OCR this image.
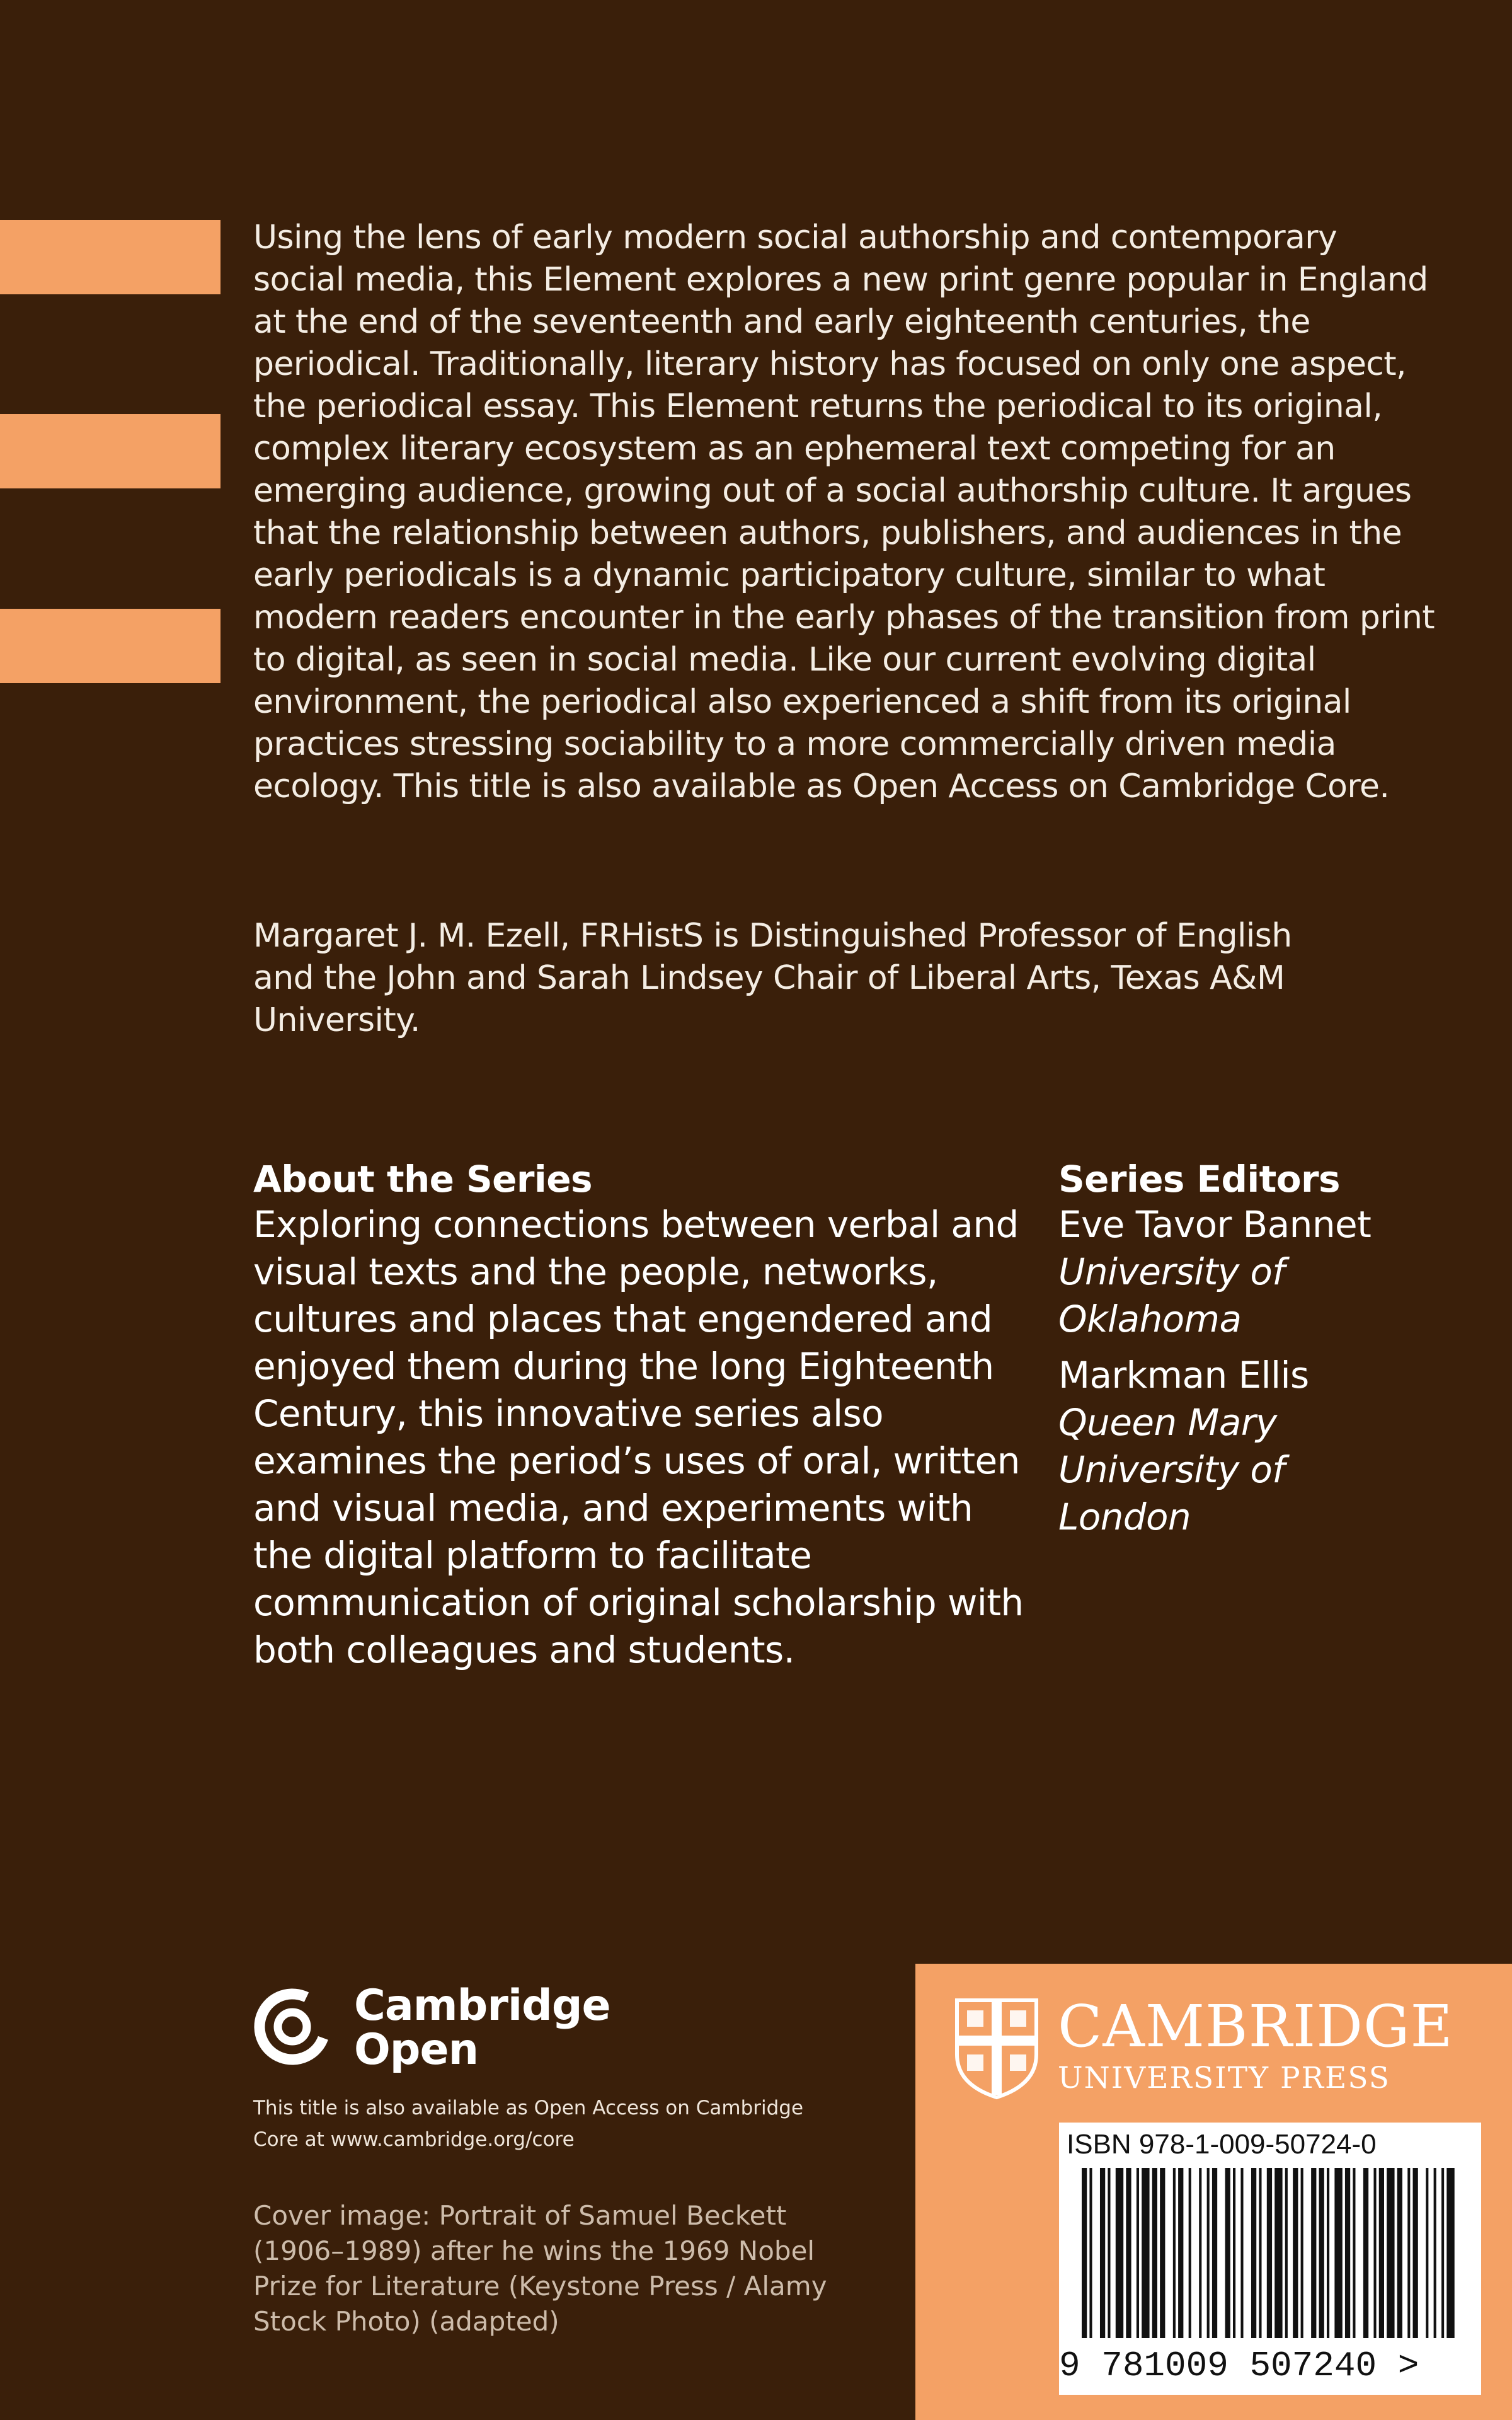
Using the lens of early modern social authorship and contemporary social media, this Element explores a new print genre popular in England at the end of the seventeenth and early eighteenth centuries, the periodical. Traditionally, literary history has focused on only one aspect, the periodical essay. This Element returns the periodical to its original, complex literary ecosystem as an ephemeral text competing for an emerging audience, growing out of a social authorship culture. It argues that the relationship between authors, publishers, and audiences in the early periodicals is a dynamic participatory culture, similar to what modern readers encounter in the early phases of the transition from print to digital, as seen in social media. Like our current evolving digital environment, the periodical also experienced a shift from its original practices stressing sociability to a more commercially driven media ecology. This title is also available as Open Access on Cambridge Core.

Margaret J. M. Ezell, FRHistS is Distinguished Professor of English and the John and Sarah Lindsey Chair of Liberal Arts, Texas A&M University.

About the Series

Exploring connections between verbal and visual texts and the people, networks, cultures and places that engendered and enjoyed them during the long Eighteenth Century, this innovative series also examines the period’s uses of oral, written and visual media, and experiments with the digital platform to facilitate communication of original scholarship with both colleagues and students.

Series Editors
Eve Tavor Bannet
University of Oklahoma
Markman Ellis
Queen Mary University of London
Cambridge
Open

This title is also available as Open Access on Cambridge Core at www.cambridge.org/core

Cover image: Portrait of Samuel Beckett (1906–1989) after he wins the 1969 Nobel Prize for Literature (Keystone Press / Alamy Stock Photo) (adapted)

CAMBRIDGE
UNIVERSITY PRESS
ISBN 978-1-009-50724-0
9 781009 507240 >
